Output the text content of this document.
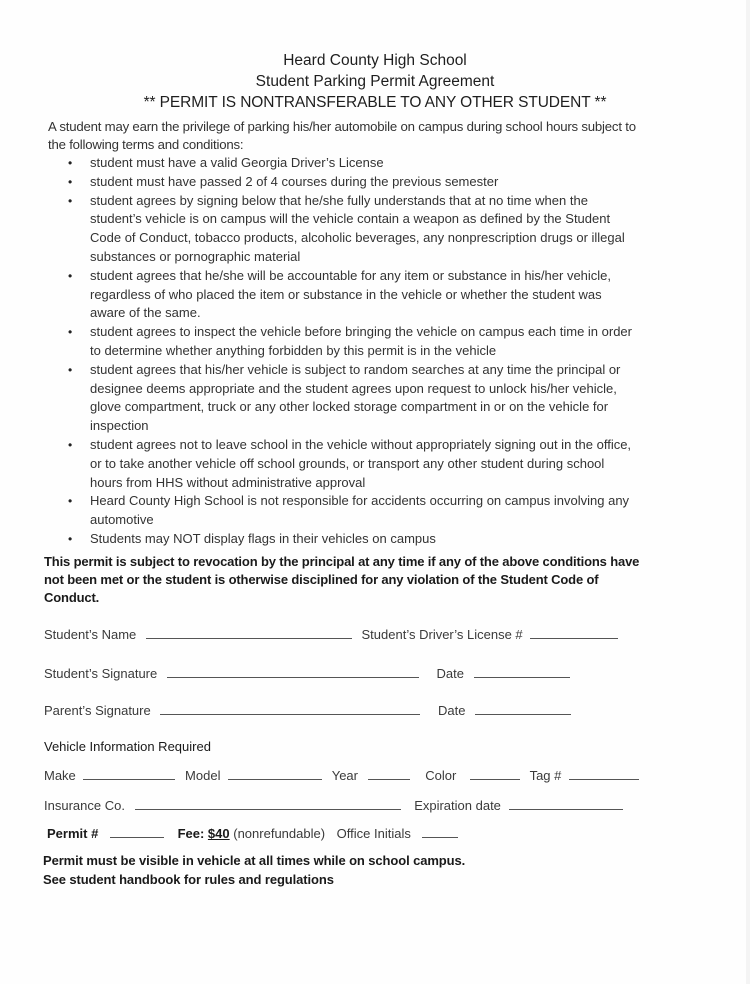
Heard County High School
Student Parking Permit Agreement
** PERMIT IS NONTRANSFERABLE TO ANY OTHER STUDENT **
A student may earn the privilege of parking his/her automobile on campus during school hours subject to the following terms and conditions:
• student must have a valid Georgia Driver’s License
• student must have passed 2 of 4 courses during the previous semester
• student agrees by signing below that he/she fully understands that at no time when the student’s vehicle is on campus will the vehicle contain a weapon as defined by the Student Code of Conduct, tobacco products, alcoholic beverages, any nonprescription drugs or illegal substances or pornographic material
• student agrees that he/she will be accountable for any item or substance in his/her vehicle, regardless of who placed the item or substance in the vehicle or whether the student was aware of the same.
• student agrees to inspect the vehicle before bringing the vehicle on campus each time in order to determine whether anything forbidden by this permit is in the vehicle
• student agrees that his/her vehicle is subject to random searches at any time the principal or designee deems appropriate and the student agrees upon request to unlock his/her vehicle, glove compartment, truck or any other locked storage compartment in or on the vehicle for inspection
• student agrees not to leave school in the vehicle without appropriately signing out in the office, or to take another vehicle off school grounds, or transport any other student during school hours from HHS without administrative approval
• Heard County High School is not responsible for accidents occurring on campus involving any automotive
• Students may NOT display flags in their vehicles on campus
This permit is subject to revocation by the principal at any time if any of the above conditions have not been met or the student is otherwise disciplined for any violation of the Student Code of Conduct.
Student’s Name	Student’s Driver’s License #
Student’s Signature	Date
Parent’s Signature	Date
Vehicle Information Required
Make	Model	Year	Color	Tag #
Insurance Co.	Expiration date
Permit #	Fee: $40 (nonrefundable) Office Initials
Permit must be visible in vehicle at all times while on school campus.
See student handbook for rules and regulations
